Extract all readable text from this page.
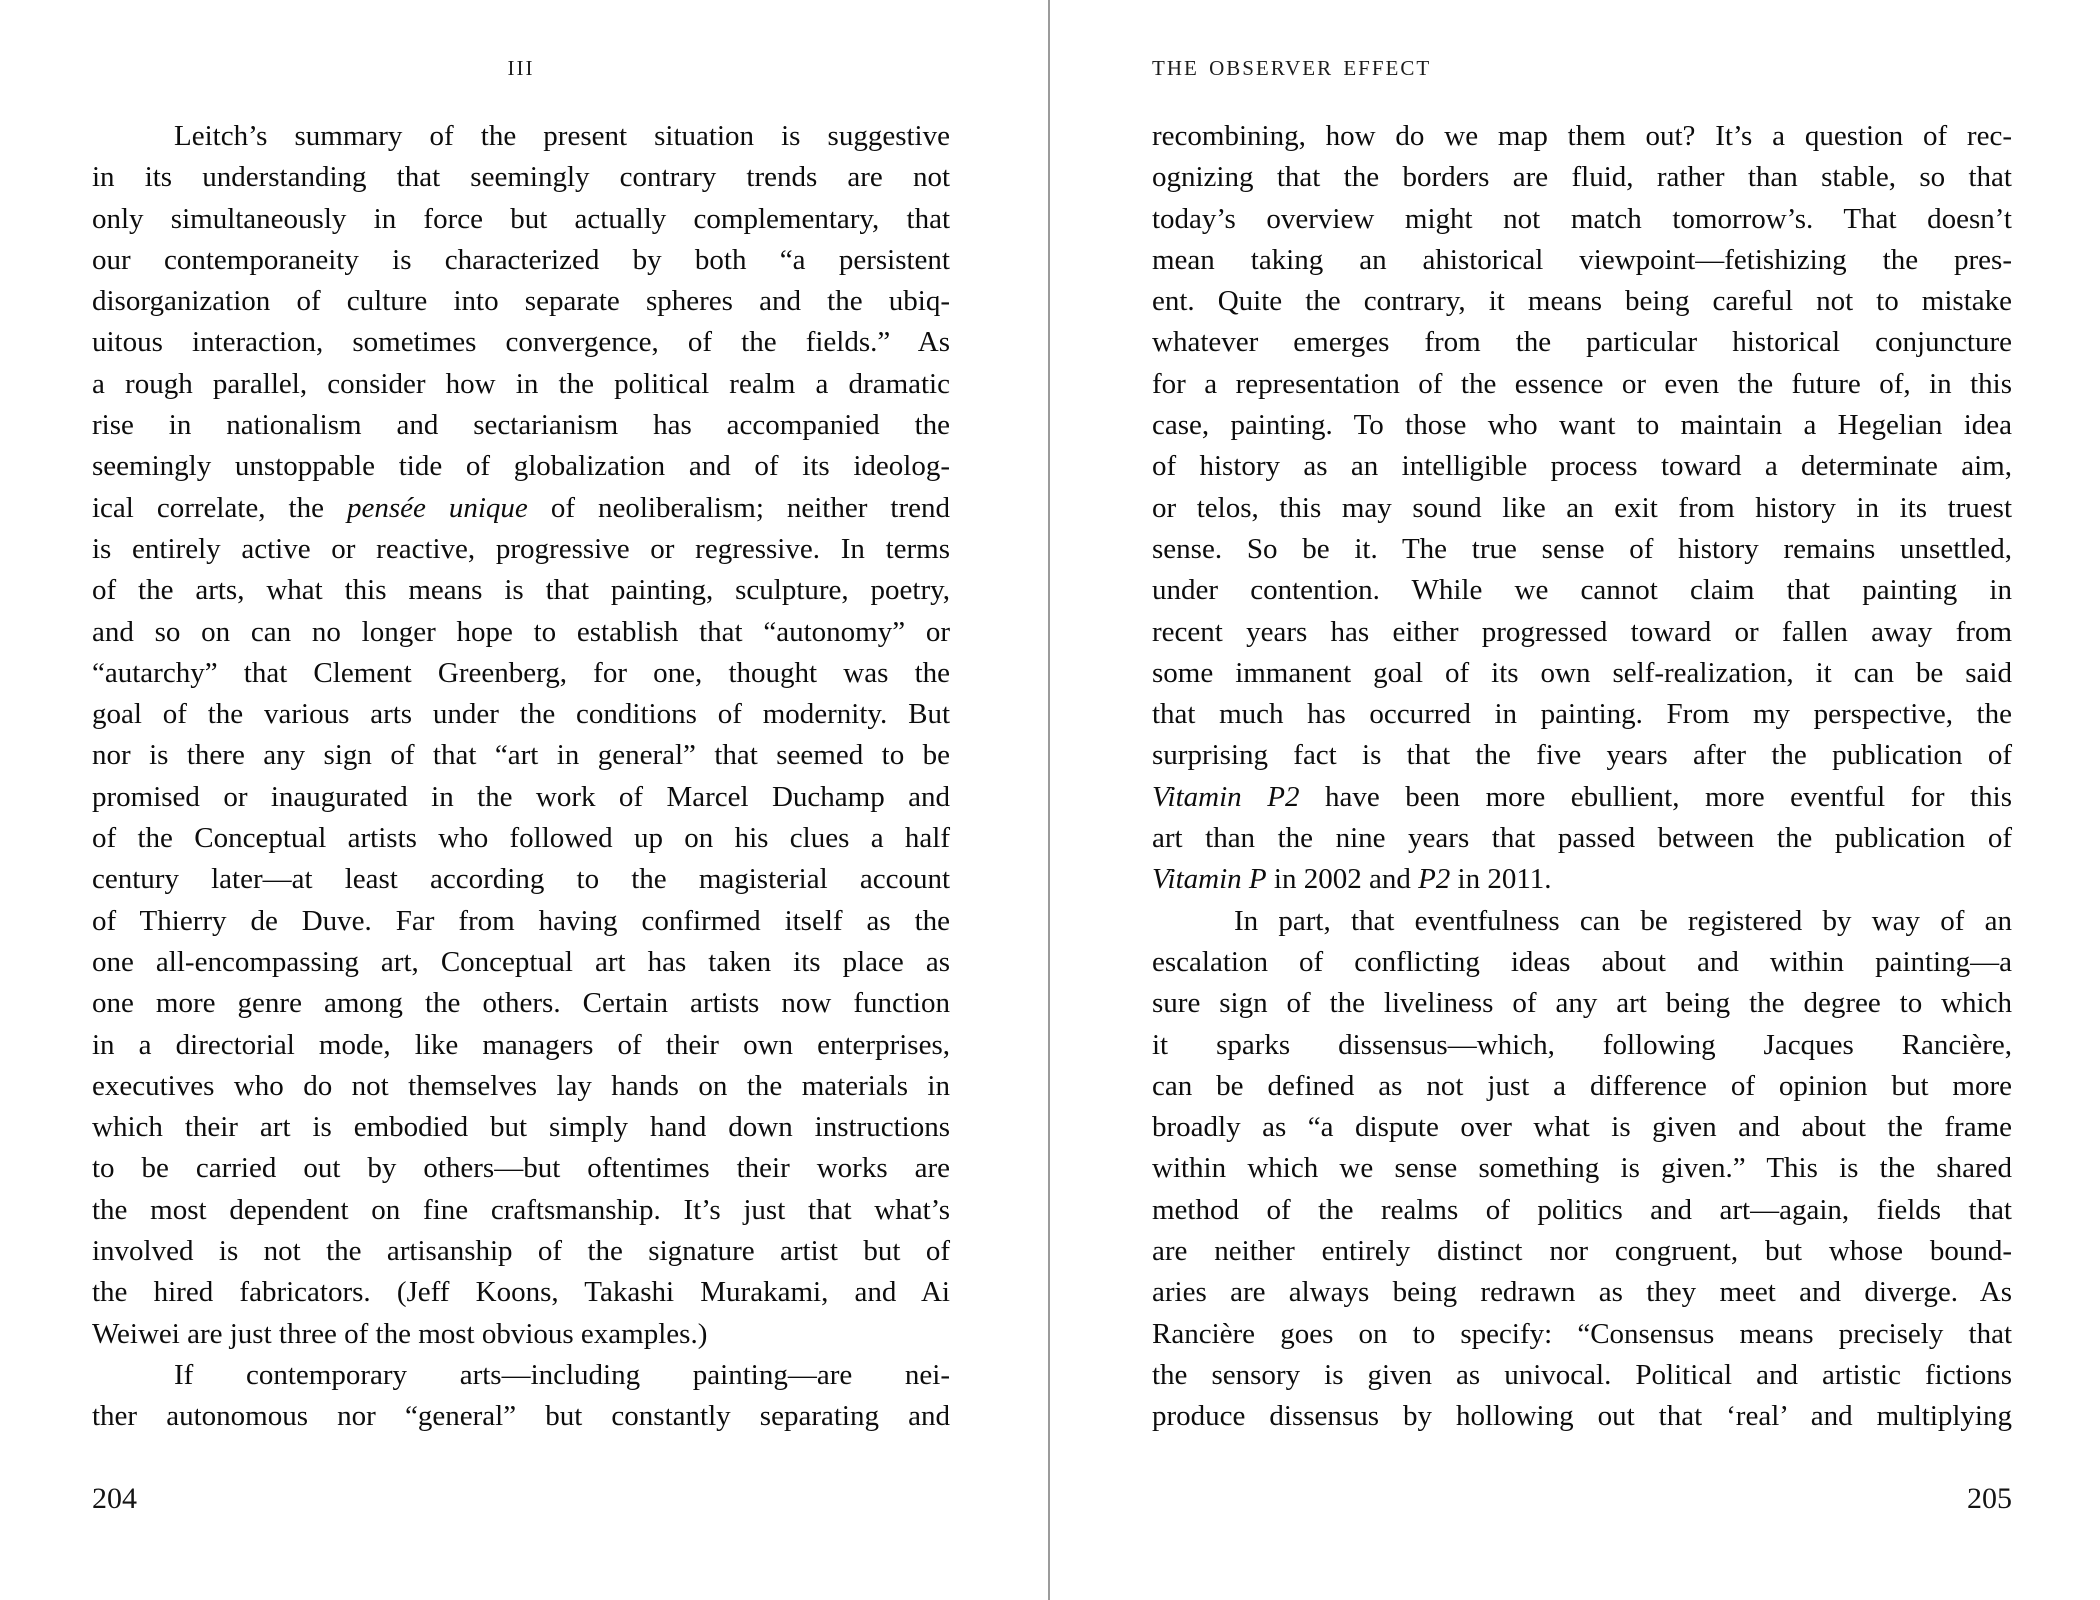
III
Leitch’s summary of the present situation is suggestive
in its understanding that seemingly contrary trends are not
only simultaneously in force but actually complementary, that
our contemporaneity is characterized by both “a persistent
disorganization of culture into separate spheres and the ubiq-
uitous interaction, sometimes convergence, of the fields.” As
a rough parallel, consider how in the political realm a dramatic
rise in nationalism and sectarianism has accompanied the
seemingly unstoppable tide of globalization and of its ideolog-
ical correlate, the pensée unique of neoliberalism; neither trend
is entirely active or reactive, progressive or regressive. In terms
of the arts, what this means is that painting, sculpture, poetry,
and so on can no longer hope to establish that “autonomy” or
“autarchy” that Clement Greenberg, for one, thought was the
goal of the various arts under the conditions of modernity. But
nor is there any sign of that “art in general” that seemed to be
promised or inaugurated in the work of Marcel Duchamp and
of the Conceptual artists who followed up on his clues a half
century later—at least according to the magisterial account
of Thierry de Duve. Far from having confirmed itself as the
one all-encompassing art, Conceptual art has taken its place as
one more genre among the others. Certain artists now function
in a directorial mode, like managers of their own enterprises,
executives who do not themselves lay hands on the materials in
which their art is embodied but simply hand down instructions
to be carried out by others—but oftentimes their works are
the most dependent on fine craftsmanship. It’s just that what’s
involved is not the artisanship of the signature artist but of
the hired fabricators. (Jeff Koons, Takashi Murakami, and Ai
Weiwei are just three of the most obvious examples.)
If contemporary arts—including painting—are nei-
ther autonomous nor “general” but constantly separating and
204
THE OBSERVER EFFECT
recombining, how do we map them out? It’s a question of rec-
ognizing that the borders are fluid, rather than stable, so that
today’s overview might not match tomorrow’s. That doesn’t
mean taking an ahistorical viewpoint—fetishizing the pres-
ent. Quite the contrary, it means being careful not to mistake
whatever emerges from the particular historical conjuncture
for a representation of the essence or even the future of, in this
case, painting. To those who want to maintain a Hegelian idea
of history as an intelligible process toward a determinate aim,
or telos, this may sound like an exit from history in its truest
sense. So be it. The true sense of history remains unsettled,
under contention. While we cannot claim that painting in
recent years has either progressed toward or fallen away from
some immanent goal of its own self-realization, it can be said
that much has occurred in painting. From my perspective, the
surprising fact is that the five years after the publication of
Vitamin P2 have been more ebullient, more eventful for this
art than the nine years that passed between the publication of
Vitamin P in 2002 and P2 in 2011.
In part, that eventfulness can be registered by way of an
escalation of conflicting ideas about and within painting—a
sure sign of the liveliness of any art being the degree to which
it sparks dissensus—which, following Jacques Rancière,
can be defined as not just a difference of opinion but more
broadly as “a dispute over what is given and about the frame
within which we sense something is given.” This is the shared
method of the realms of politics and art—again, fields that
are neither entirely distinct nor congruent, but whose bound-
aries are always being redrawn as they meet and diverge. As
Rancière goes on to specify: “Consensus means precisely that
the sensory is given as univocal. Political and artistic fictions
produce dissensus by hollowing out that ‘real’ and multiplying
205
